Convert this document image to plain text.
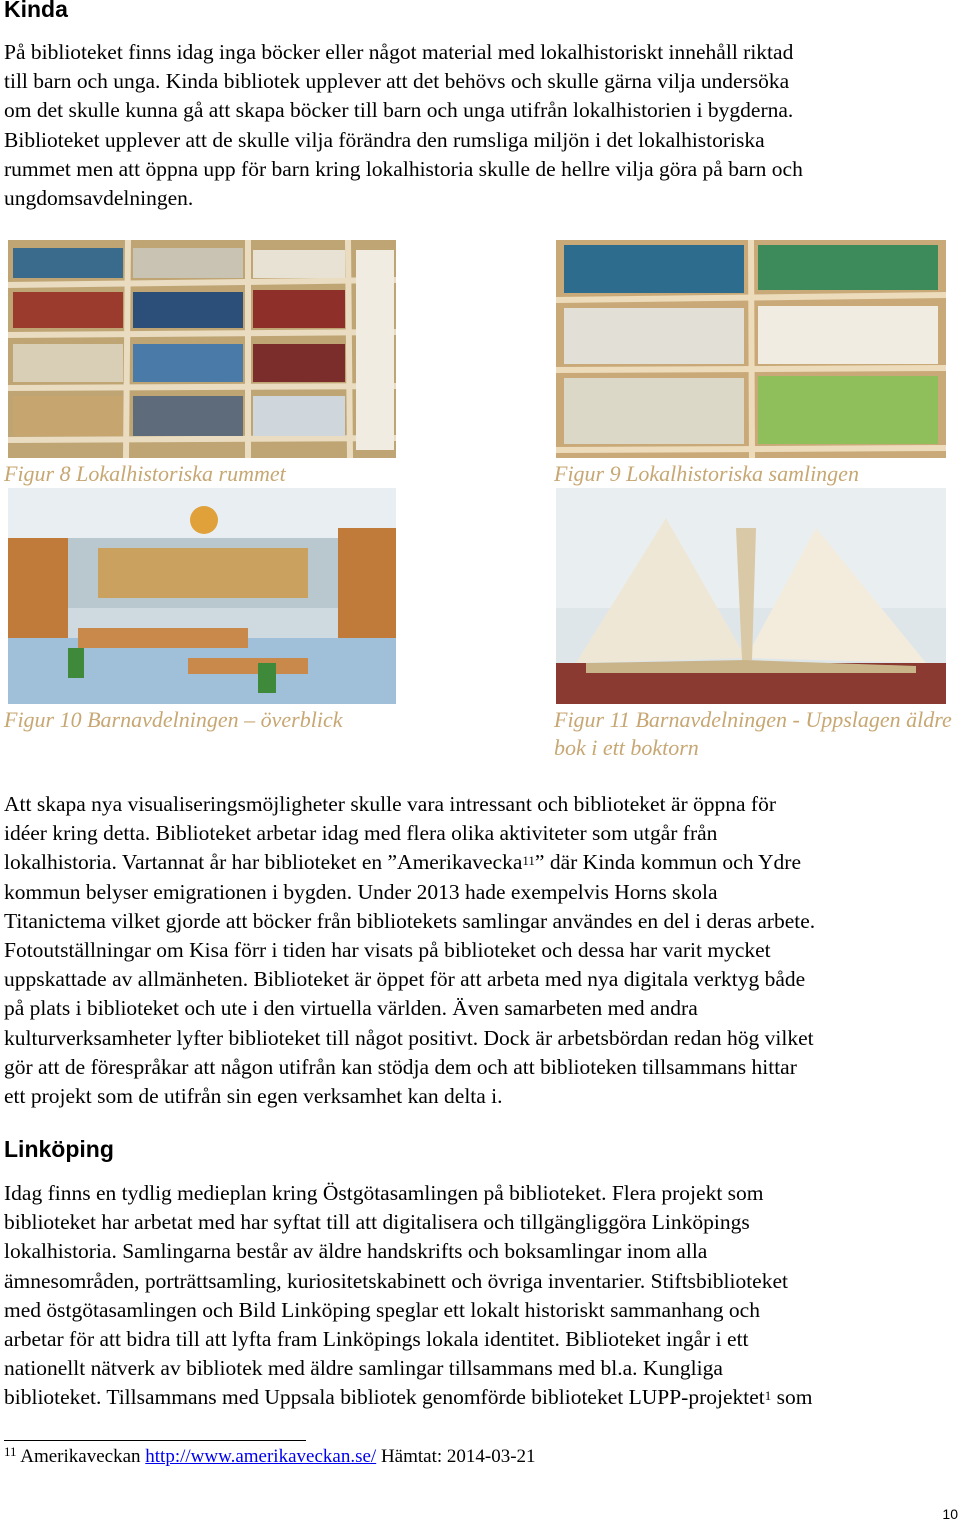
Kinda
På biblioteket finns idag inga böcker eller något material med lokalhistoriskt innehåll riktad
till barn och unga. Kinda bibliotek upplever att det behövs och skulle gärna vilja undersöka
om det skulle kunna gå att skapa böcker till barn och unga utifrån lokalhistorien i bygderna.
Biblioteket upplever att de skulle vilja förändra den rumsliga miljön i det lokalhistoriska
rummet men att öppna upp för barn kring lokalhistoria skulle de hellre vilja göra på barn och
ungdomsavdelningen.

Figur 8 Lokalhistoriska rummet	Figur 9 Lokalhistoriska samlingen

Figur 10 Barnavdelningen – överblick	Figur 11 Barnavdelningen - Uppslagen äldre
bok i ett boktorn

Att skapa nya visualiseringsmöjligheter skulle vara intressant och biblioteket är öppna för
idéer kring detta. Biblioteket arbetar idag med flera olika aktiviteter som utgår från
lokalhistoria. Vartannat år har biblioteket en ”Amerikavecka$^{11}$” där Kinda kommun och Ydre
kommun belyser emigrationen i bygden. Under 2013 hade exempelvis Horns skola
Titanictema vilket gjorde att böcker från bibliotekets samlingar användes en del i deras arbete.
Fotoutställningar om Kisa förr i tiden har visats på biblioteket och dessa har varit mycket
uppskattade av allmänheten. Biblioteket är öppet för att arbeta med nya digitala verktyg både
på plats i biblioteket och ute i den virtuella världen. Även samarbeten med andra
kulturverksamheter lyfter biblioteket till något positivt. Dock är arbetsbördan redan hög vilket
gör att de förespråkar att någon utifrån kan stödja dem och att biblioteken tillsammans hittar
ett projekt som de utifrån sin egen verksamhet kan delta i.
Linköping
Idag finns en tydlig medieplan kring Östgötasamlingen på biblioteket. Flera projekt som
biblioteket har arbetat med har syftat till att digitalisera och tillgängliggöra Linköpings
lokalhistoria. Samlingarna består av äldre handskrifts och boksamlingar inom alla
ämnesområden, porträttsamling, kuriositetskabinett och övriga inventarier. Stiftsbiblioteket
med östgötasamlingen och Bild Linköping speglar ett lokalt historiskt sammanhang och
arbetar för att bidra till att lyfta fram Linköpings lokala identitet. Biblioteket ingår i ett
nationellt nätverk av bibliotek med äldre samlingar tillsammans med bl.a. Kungliga
biblioteket. Tillsammans med Uppsala bibliotek genomförde biblioteket LUPP-projektet$^1$ som
$^{11}$ Amerikaveckan http://www.amerikaveckan.se/ Hämtat: 2014-03-21
10
